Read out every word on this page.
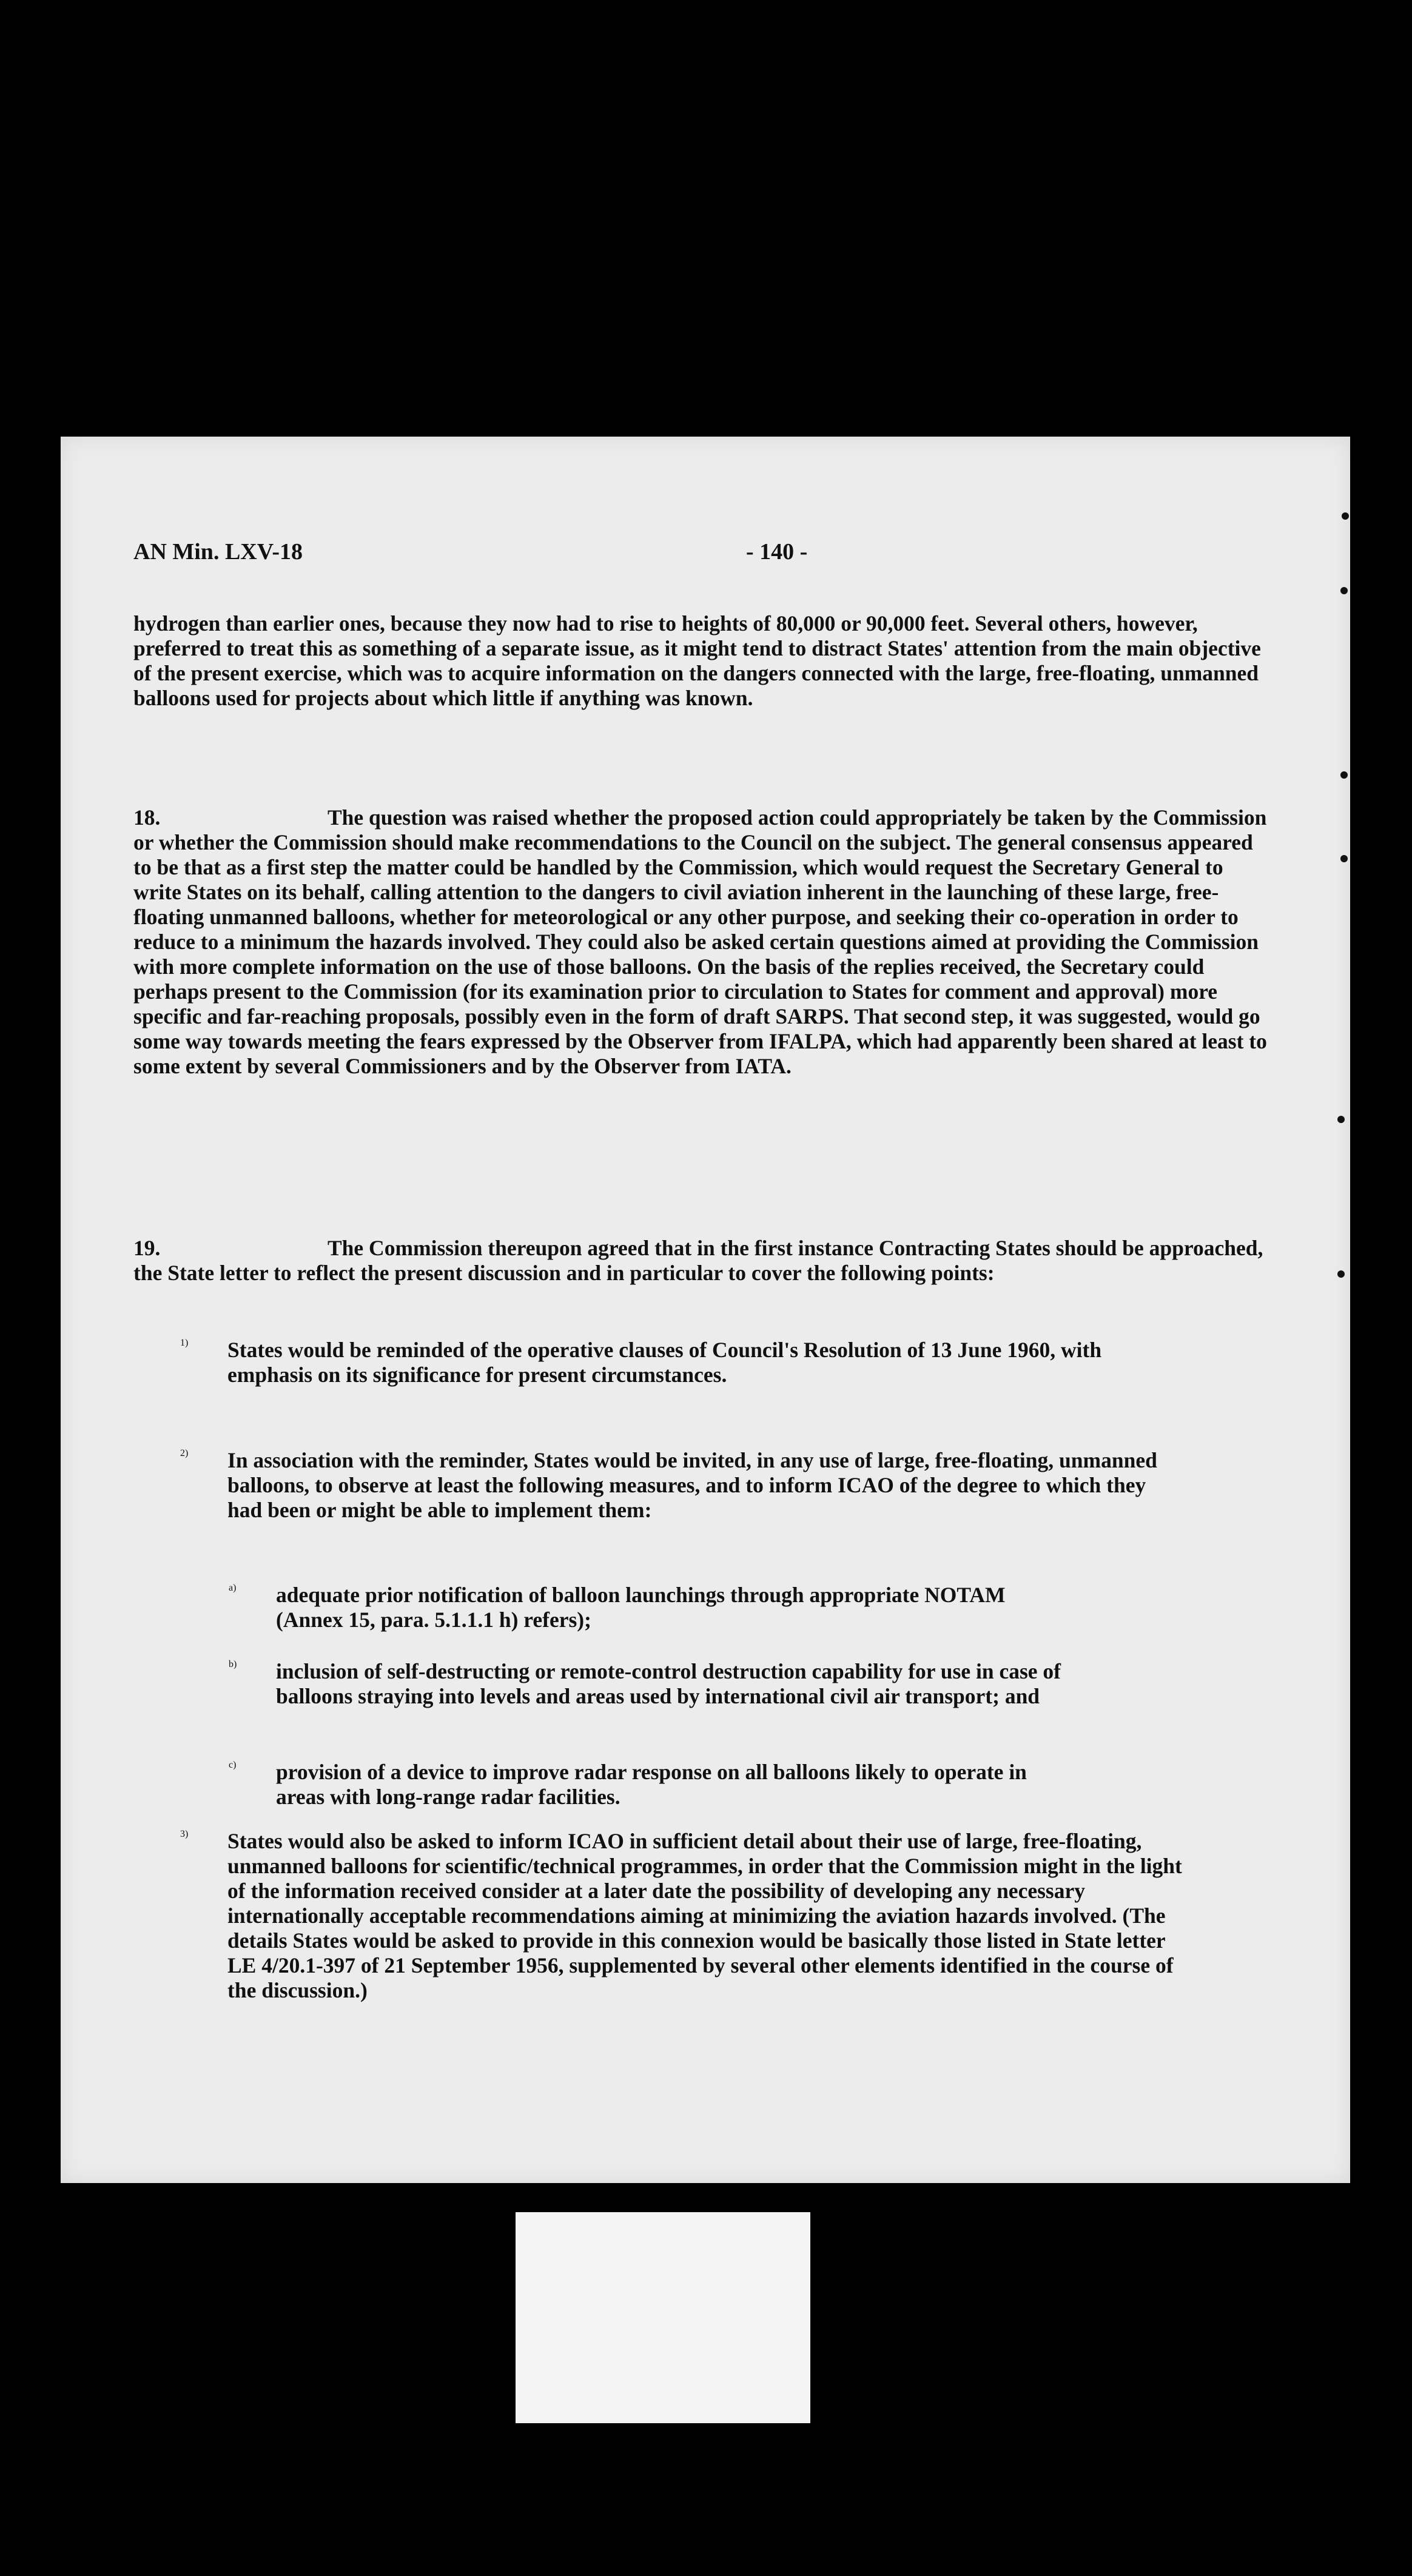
AN Min. LXV-18	- 140 -

hydrogen than earlier ones, because they now had to rise to heights of 80,000 or 90,000 feet. Several others, however, preferred to treat this as something of a separate issue, as it might tend to distract States' attention from the main objective of the present exercise, which was to acquire information on the dangers connected with the large, free-floating, unmanned balloons used for projects about which little if anything was known.

18.	The question was raised whether the proposed action could appropriately be taken by the Commission or whether the Commission should make recommendations to the Council on the subject. The general consensus appeared to be that as a first step the matter could be handled by the Commission, which would request the Secretary General to write States on its behalf, calling attention to the dangers to civil aviation inherent in the launching of these large, free-floating unmanned balloons, whether for meteorological or any other purpose, and seeking their co-operation in order to reduce to a minimum the hazards involved. They could also be asked certain questions aimed at providing the Commission with more complete information on the use of those balloons. On the basis of the replies received, the Secretary could perhaps present to the Commission (for its examination prior to circulation to States for comment and approval) more specific and far-reaching proposals, possibly even in the form of draft SARPS. That second step, it was suggested, would go some way towards meeting the fears expressed by the Observer from IFALPA, which had apparently been shared at least to some extent by several Commissioners and by the Observer from IATA.

19.	The Commission thereupon agreed that in the first instance Contracting States should be approached, the State letter to reflect the present discussion and in particular to cover the following points:

1) States would be reminded of the operative clauses of Council's Resolution of 13 June 1960, with emphasis on its significance for present circumstances.

2) In association with the reminder, States would be invited, in any use of large, free-floating, unmanned balloons, to observe at least the following measures, and to inform ICAO of the degree to which they had been or might be able to implement them:

a) adequate prior notification of balloon launchings through appropriate NOTAM (Annex 15, para. 5.1.1.1 h) refers);

b) inclusion of self-destructing or remote-control destruction capability for use in case of balloons straying into levels and areas used by international civil air transport; and

c) provision of a device to improve radar response on all balloons likely to operate in areas with long-range radar facilities.

3) States would also be asked to inform ICAO in sufficient detail about their use of large, free-floating, unmanned balloons for scientific/technical programmes, in order that the Commission might in the light of the information received consider at a later date the possibility of developing any necessary internationally acceptable recommendations aiming at minimizing the aviation hazards involved. (The details States would be asked to provide in this connexion would be basically those listed in State letter LE 4/20.1-397 of 21 September 1956, supplemented by several other elements identified in the course of the discussion.)
